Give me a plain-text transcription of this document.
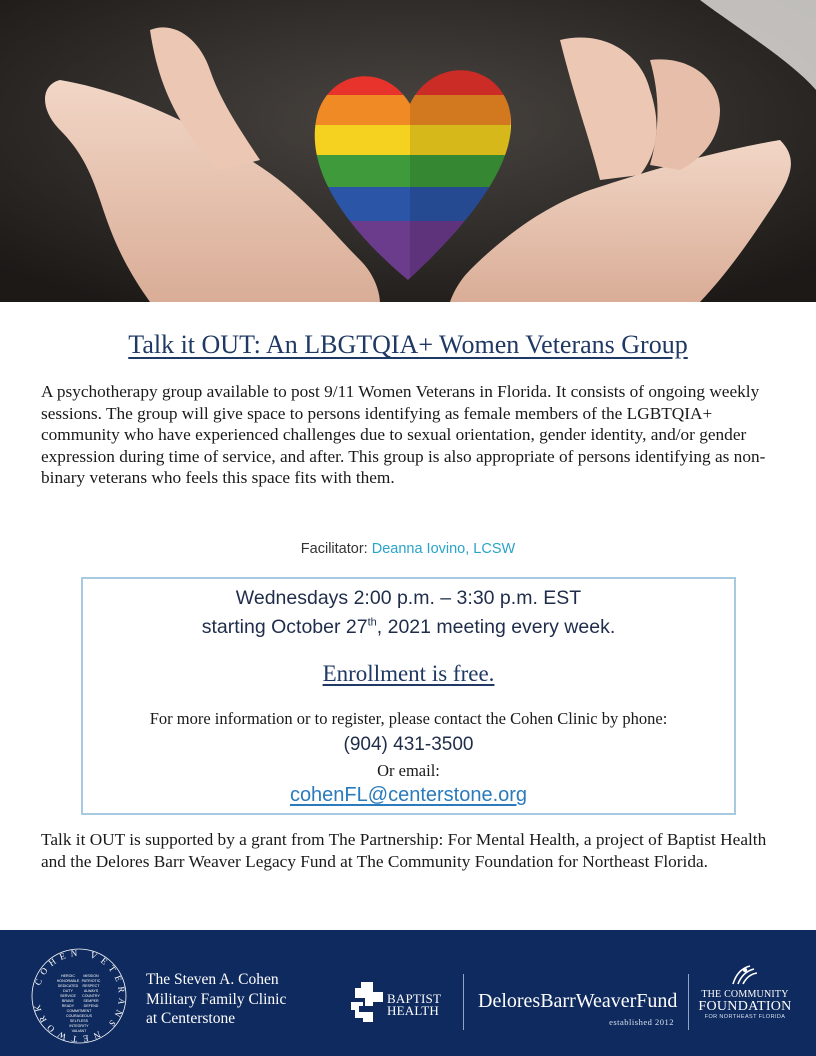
Talk it OUT: An LBGTQIA+ Women Veterans Group

A psychotherapy group available to post 9/11 Women Veterans in Florida. It consists of ongoing weekly sessions. The group will give space to persons identifying as female members of the LGBTQIA+ community who have experienced challenges due to sexual orientation, gender identity, and/or gender expression during time of service, and after. This group is also appropriate of persons identifying as non-binary veterans who feels this space fits with them.

Facilitator: Deanna Iovino, LCSW
Wednesdays 2:00 p.m. – 3:30 p.m. EST
starting October 27th, 2021 meeting every week.
Enrollment is free.
For more information or to register, please contact the Cohen Clinic by phone:
(904) 431-3500
Or email:
cohenFL@centerstone.org

Talk it OUT is supported by a grant from The Partnership: For Mental Health, a project of Baptist Health and the Delores Barr Weaver Legacy Fund at The Community Foundation for Northeast Florida.

COHEN VETERANS NETWORK
HEROIC
HONORABLE
DEDICATED
DUTY
SERVICE
BRAVE
READY
COMMITMENT
COURAGEOUS
SELFLESS
INTEGRITY
VALIANT
MISSION
PATRIOTIC
RESPECT
ALWAYS
COUNTRY
SEMPER
DEFEND
The Steven A. Cohen
Military Family Clinic
at Centerstone
BAPTIST
HEALTH DeloresBarrWeaverFund
established 2012
THE COMMUNITY
FOUNDATION
FOR NORTHEAST FLORIDA
